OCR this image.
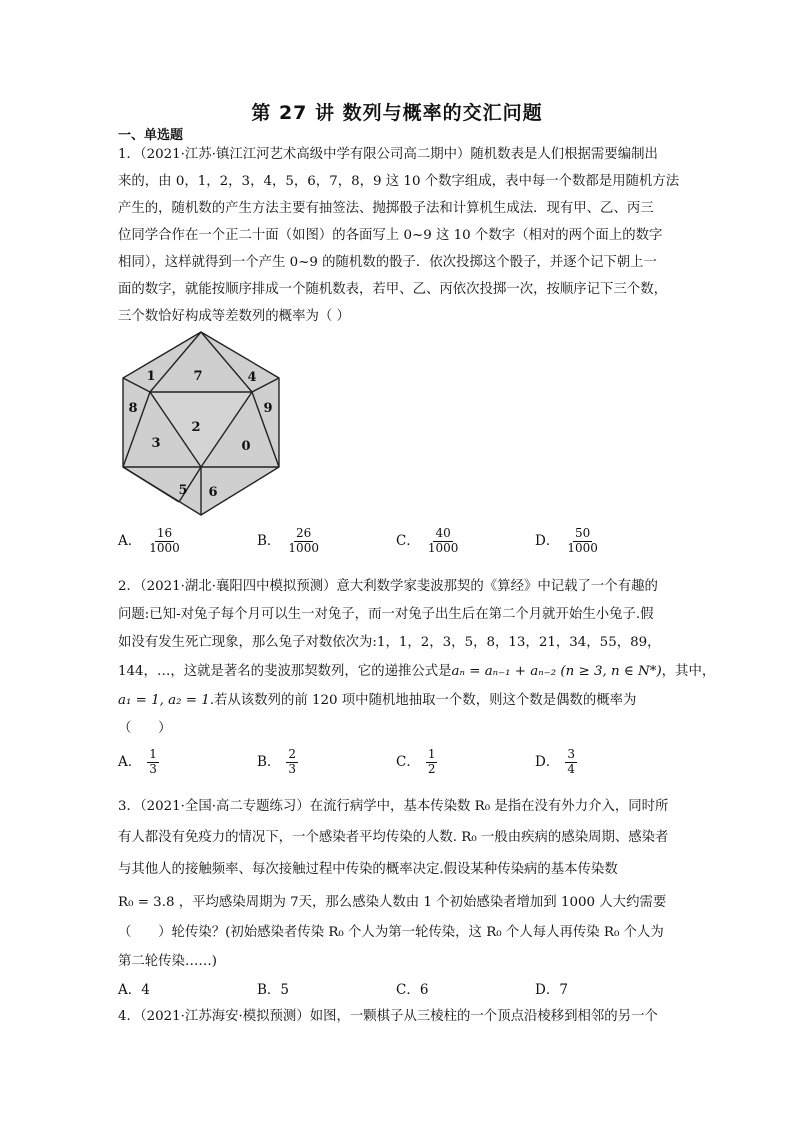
第 27 讲 数列与概率的交汇问题
一、单选题
1．（2021·江苏·镇江江河艺术高级中学有限公司高二期中）随机数表是人们根据需要编制出
来的，由 0，1，2，3，4，5，6，7，8，9 这 10 个数字组成，表中每一个数都是用随机方法
产生的，随机数的产生方法主要有抽签法、抛掷骰子法和计算机生成法．现有甲、乙、丙三
位同学合作在一个正二十面（如图）的各面写上 0~9 这 10 个数字（相对的两个面上的数字
相同），这样就得到一个产生 0~9 的随机数的骰子．依次投掷这个骰子，并逐个记下朝上一
面的数字，就能按顺序排成一个随机数表，若甲、乙、丙依次投掷一次，按顺序记下三个数，
三个数恰好构成等差数列的概率为（ ）
1	7	4
8
2
9
3	0
5 6
A． $\frac{16}{1000}$	B． $\frac{26}{1000}$	C． $\frac{40}{1000}$	D． $\frac{50}{1000}$
2．（2021·湖北·襄阳四中模拟预测）意大利数学家斐波那契的《算经》中记载了一个有趣的
问题:已知-对兔子每个月可以生一对兔子，而一对兔子出生后在第二个月就开始生小兔子.假
如没有发生死亡现象，那么兔子对数依次为:1，1，2，3，5，8，13，21，34，55，89，
144，…，这就是著名的斐波那契数列，它的递推公式是aₙ = aₙ₋₁ + aₙ₋₂ (n ≥ 3, n ∈ N*)，其中，
a₁ = 1, a₂ = 1.若从该数列的前 120 项中随机地抽取一个数，则这个数是偶数的概率为
（　　）
A． $\frac{1}{3}$	B． $\frac{2}{3}$	C． $\frac{1}{2}$	D． $\frac{3}{4}$
3．（2021·全国·高二专题练习）在流行病学中，基本传染数 R₀ 是指在没有外力介入，同时所
有人都没有免疫力的情况下，一个感染者平均传染的人数. R₀ 一般由疾病的感染周期、感染者
与其他人的接触频率、每次接触过程中传染的概率决定.假设某种传染病的基本传染数
R₀ = 3.8 ，平均感染周期为 7天，那么感染人数由 1 个初始感染者增加到 1000 人大约需要
（　　）轮传染？(初始感染者传染 R₀ 个人为第一轮传染，这 R₀ 个人每人再传染 R₀ 个人为
第二轮传染……)
A．4	B．5	C．6	D．7
4．（2021·江苏海安·模拟预测）如图，一颗棋子从三棱柱的一个顶点沿棱移到相邻的另一个
